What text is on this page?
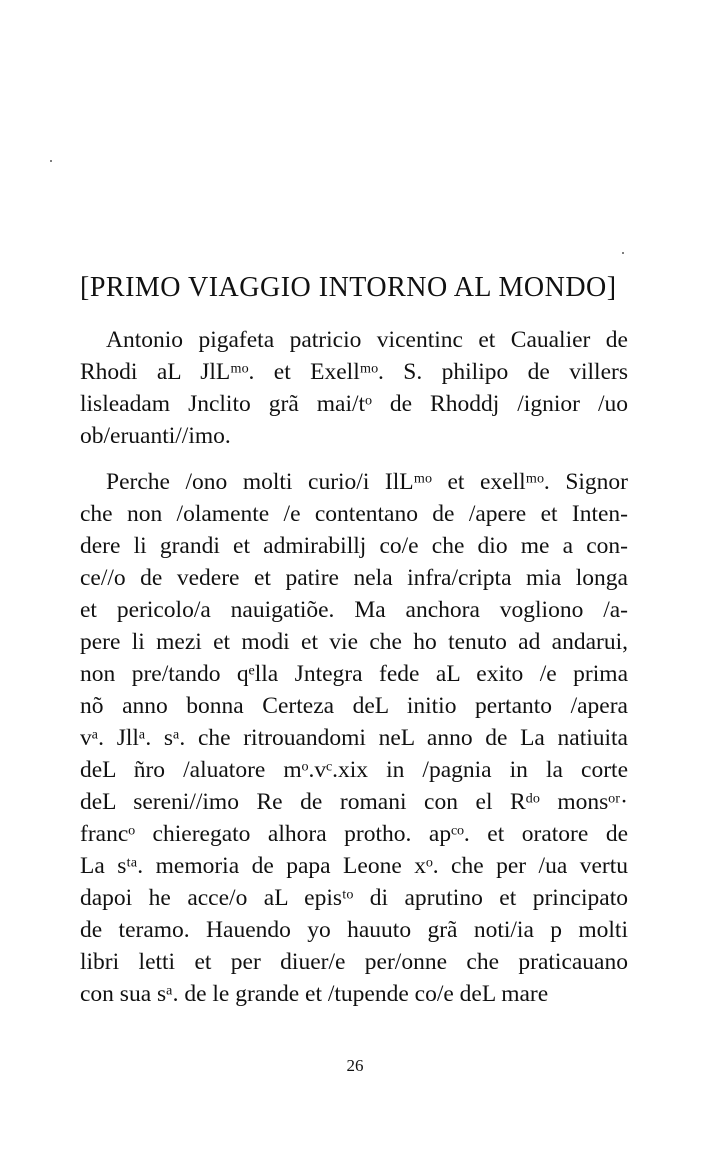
[PRIMO VIAGGIO INTORNO AL MONDO]
Antonio pigafeta patricio vicentinc et Caualier de
Rhodi aL JlLᵐᵒ. et Exellᵐᵒ. S. philipo de villers
lisleadam Jnclito grã mai/tᵒ de Rhoddj /ignior /uo
ob/eruanti//imo.
Perche /ono molti curio/i IlLᵐᵒ et exellᵐᵒ. Signor
che non /olamente /e contentano de /apere et Inten-
dere li grandi et admirabillj co/e che dio me a con-
ce//o de vedere et patire nela infra/cripta mia longa
et pericolo/a nauigatiõe. Ma anchora vogliono /a-
pere li mezi et modi et vie che ho tenuto ad andarui,
non pre/tando qᵉlla Jntegra fede aL exito /e prima
nõ anno bonna Certeza deL initio pertanto /apera
vᵃ. Jllᵃ. sᵃ. che ritrouandomi neL anno de La natiuita
deL ñro /aluatore mᵒ.vᶜ.xix in /pagnia in la corte
deL sereni//imo Re de romani con el Rᵈᵒ monsᵒʳ·
francᵒ chieregato alhora protho. apᶜᵒ. et oratore de
La sᵗᵃ. memoria de papa Leone xᵒ. che per /ua vertu
dapoi he acce/o aL episᵗᵒ di aprutino et principato
de teramo. Hauendo yo hauuto grã noti/ia p molti
libri letti et per diuer/e per/onne che praticauano
con sua sᵃ. de le grande et /tupende co/e deL mare
26
